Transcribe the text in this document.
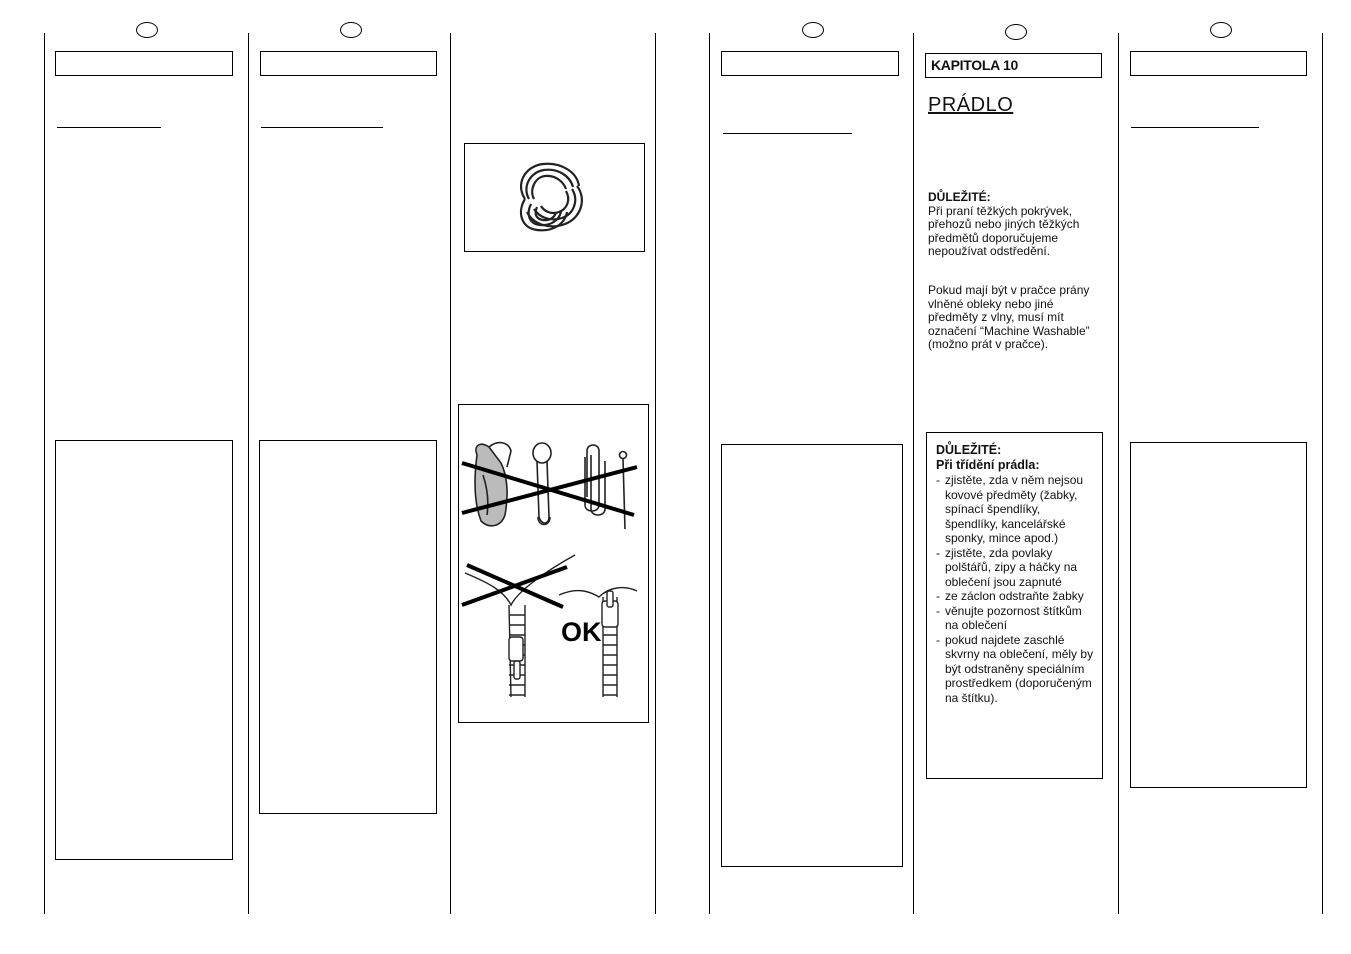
OK
KAPITOLA 10
PRÁDLO
DŮLEŽITÉ:
Při praní těžkých pokrývek, přehozů nebo jiných těžkých předmětů doporučujeme nepoužívat odstředění.
Pokud mají být v pračce prány vlněné obleky nebo jiné předměty z vlny, musí mít označení “Machine Washable” (možno prát v pračce).
DŮLEŽITÉ:
Při třídění prádla:
- zjistěte, zda v něm nejsou kovové předměty (žabky, spínací špendlíky, špendlíky, kancelářské sponky, mince apod.)
- zjistěte, zda povlaky polštářů, zipy a háčky na oblečení jsou zapnuté
- ze záclon odstraňte žabky
- věnujte pozornost štítkům na oblečení
- pokud najdete zaschlé skvrny na oblečení, měly by být odstraněny speciálním prostředkem (doporučeným na štítku).
